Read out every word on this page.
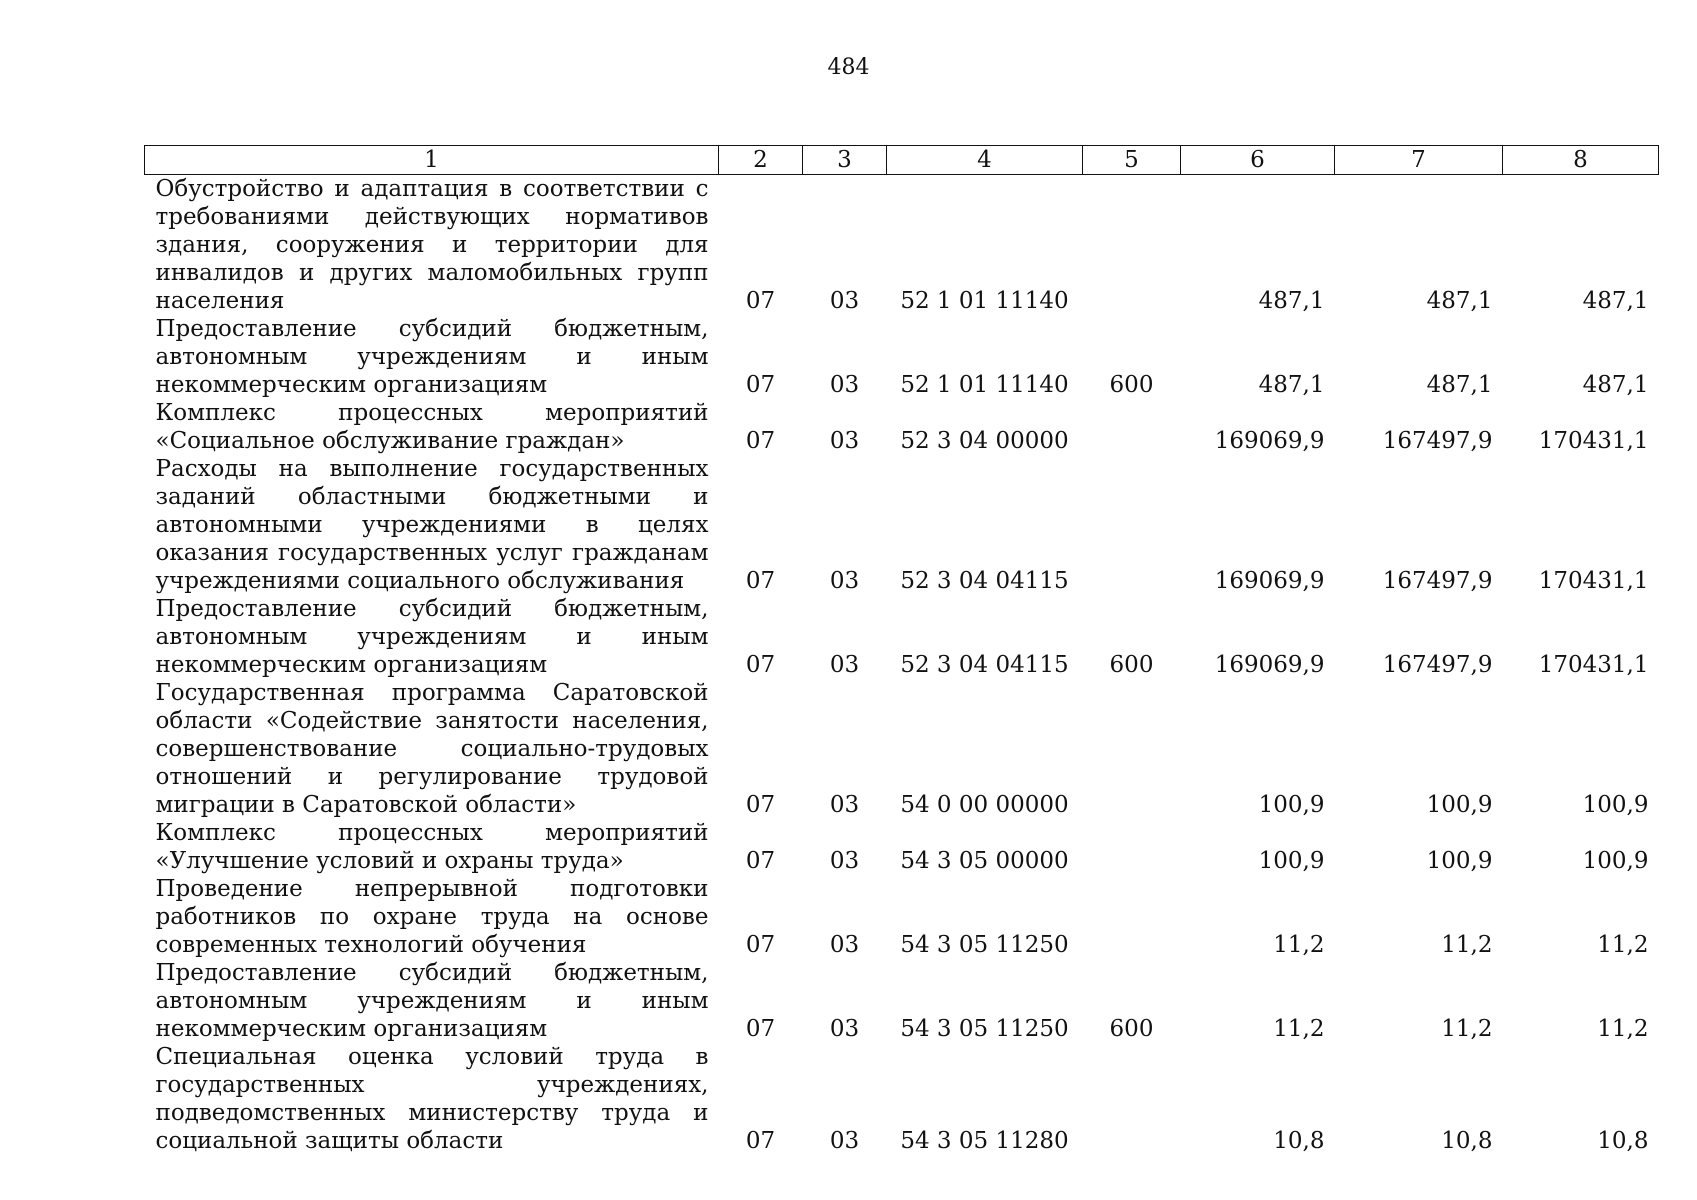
484
1	2	3	4	5	6	7	8
Обустройство и адаптация в соответствии с требованиями действующих нормативов здания, сооружения и территории для инвалидов и других маломобильных групп населения	07	03	52 1 01 11140		487,1	487,1	487,1
Предоставление субсидий бюджетным, автономным учреждениям и иным некоммерческим организациям	07	03	52 1 01 11140	600	487,1	487,1	487,1
Комплекс процессных мероприятий «Социальное обслуживание граждан»	07	03	52 3 04 00000		169069,9	167497,9	170431,1
Расходы на выполнение государственных заданий областными бюджетными и автономными учреждениями в целях оказания государственных услуг гражданам учреждениями социального обслуживания	07	03	52 3 04 04115		169069,9	167497,9	170431,1
Предоставление субсидий бюджетным, автономным учреждениям и иным некоммерческим организациям	07	03	52 3 04 04115	600	169069,9	167497,9	170431,1
Государственная программа Саратовской области «Содействие занятости населения, совершенствование социально-трудовых отношений и регулирование трудовой миграции в Саратовской области»	07	03	54 0 00 00000		100,9	100,9	100,9
Комплекс процессных мероприятий «Улучшение условий и охраны труда»	07	03	54 3 05 00000		100,9	100,9	100,9
Проведение непрерывной подготовки работников по охране труда на основе современных технологий обучения	07	03	54 3 05 11250		11,2	11,2	11,2
Предоставление субсидий бюджетным, автономным учреждениям и иным некоммерческим организациям	07	03	54 3 05 11250	600	11,2	11,2	11,2
Специальная оценка условий труда в государственных учреждениях, подведомственных министерству труда и социальной защиты области	07	03	54 3 05 11280		10,8	10,8	10,8
